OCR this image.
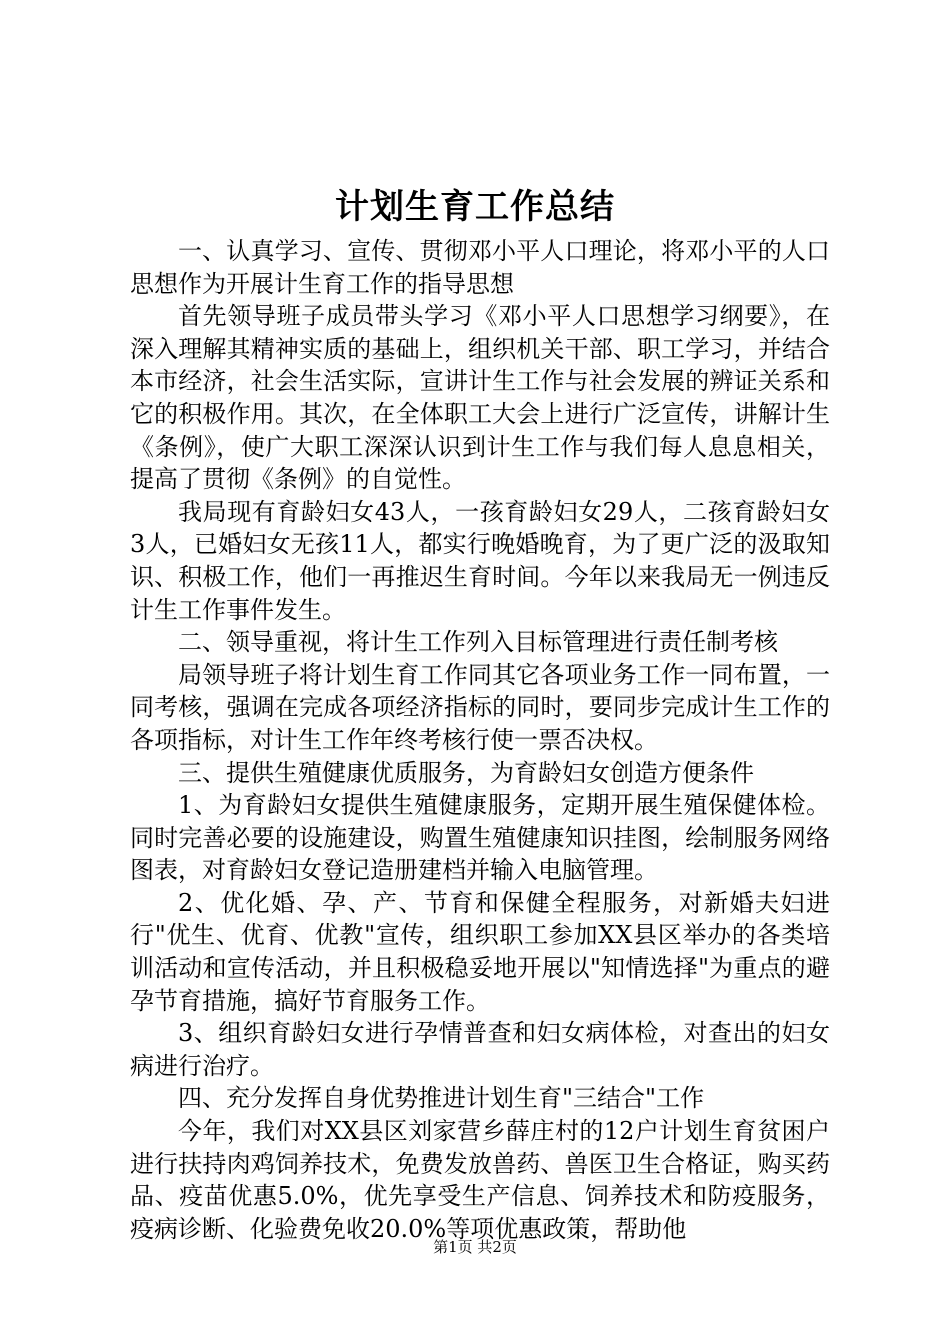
计划生育工作总结

一、认真学习、宣传、贯彻邓小平人口理论，将邓小平的人口思想作为开展计生育工作的指导思想

首先领导班子成员带头学习《邓小平人口思想学习纲要》，在深入理解其精神实质的基础上，组织机关干部、职工学习，并结合本市经济，社会生活实际，宣讲计生工作与社会发展的辨证关系和它的积极作用。其次，在全体职工大会上进行广泛宣传，讲解计生《条例》，使广大职工深深认识到计生工作与我们每人息息相关，提高了贯彻《条例》的自觉性。

我局现有育龄妇女43人，一孩育龄妇女29人，二孩育龄妇女3人，已婚妇女无孩11人，都实行晚婚晚育，为了更广泛的汲取知识、积极工作，他们一再推迟生育时间。今年以来我局无一例违反计生工作事件发生。

二、领导重视，将计生工作列入目标管理进行责任制考核

局领导班子将计划生育工作同其它各项业务工作一同布置，一同考核，强调在完成各项经济指标的同时，要同步完成计生工作的各项指标，对计生工作年终考核行使一票否决权。

三、提供生殖健康优质服务，为育龄妇女创造方便条件

1、为育龄妇女提供生殖健康服务，定期开展生殖保健体检。同时完善必要的设施建设，购置生殖健康知识挂图，绘制服务网络图表，对育龄妇女登记造册建档并输入电脑管理。

2、优化婚、孕、产、节育和保健全程服务，对新婚夫妇进行"优生、优育、优教"宣传，组织职工参加XX县区举办的各类培训活动和宣传活动，并且积极稳妥地开展以"知情选择"为重点的避孕节育措施，搞好节育服务工作。

3、组织育龄妇女进行孕情普查和妇女病体检，对查出的妇女病进行治疗。

四、充分发挥自身优势推进计划生育"三结合"工作

今年，我们对XX县区刘家营乡薛庄村的12户计划生育贫困户进行扶持肉鸡饲养技术，免费发放兽药、兽医卫生合格证，购买药品、疫苗优惠5.0%，优先享受生产信息、饲养技术和防疫服务，疫病诊断、化验费免收20.0%等项优惠政策，帮助他

第1页 共2页
